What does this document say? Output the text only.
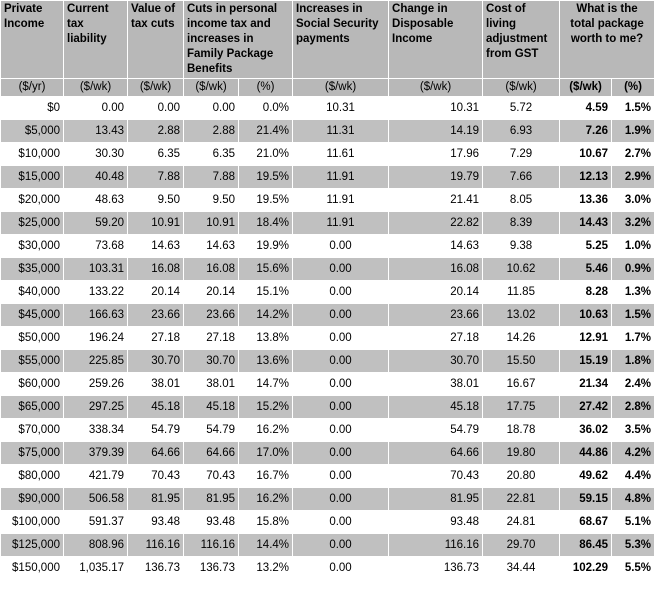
Private Income	Current tax liability	Value of tax cuts	Cuts in personal income tax and increases in Family Package Benefits		Increases in Social Security payments	Change in Disposable Income	Cost of living adjustment from GST	What is the total package worth to me?	
($/yr)	($/wk)	($/wk)	($/wk)	(%)	($/wk)	($/wk)	($/wk)	($/wk)	(%)
$0	0.00	0.00	0.00	0.0%	10.31	10.31	5.72	4.59	1.5%
$5,000	13.43	2.88	2.88	21.4%	11.31	14.19	6.93	7.26	1.9%
$10,000	30.30	6.35	6.35	21.0%	11.61	17.96	7.29	10.67	2.7%
$15,000	40.48	7.88	7.88	19.5%	11.91	19.79	7.66	12.13	2.9%
$20,000	48.63	9.50	9.50	19.5%	11.91	21.41	8.05	13.36	3.0%
$25,000	59.20	10.91	10.91	18.4%	11.91	22.82	8.39	14.43	3.2%
$30,000	73.68	14.63	14.63	19.9%	0.00	14.63	9.38	5.25	1.0%
$35,000	103.31	16.08	16.08	15.6%	0.00	16.08	10.62	5.46	0.9%
$40,000	133.22	20.14	20.14	15.1%	0.00	20.14	11.85	8.28	1.3%
$45,000	166.63	23.66	23.66	14.2%	0.00	23.66	13.02	10.63	1.5%
$50,000	196.24	27.18	27.18	13.8%	0.00	27.18	14.26	12.91	1.7%
$55,000	225.85	30.70	30.70	13.6%	0.00	30.70	15.50	15.19	1.8%
$60,000	259.26	38.01	38.01	14.7%	0.00	38.01	16.67	21.34	2.4%
$65,000	297.25	45.18	45.18	15.2%	0.00	45.18	17.75	27.42	2.8%
$70,000	338.34	54.79	54.79	16.2%	0.00	54.79	18.78	36.02	3.5%
$75,000	379.39	64.66	64.66	17.0%	0.00	64.66	19.80	44.86	4.2%
$80,000	421.79	70.43	70.43	16.7%	0.00	70.43	20.80	49.62	4.4%
$90,000	506.58	81.95	81.95	16.2%	0.00	81.95	22.81	59.15	4.8%
$100,000	591.37	93.48	93.48	15.8%	0.00	93.48	24.81	68.67	5.1%
$125,000	808.96	116.16	116.16	14.4%	0.00	116.16	29.70	86.45	5.3%
$150,000	1,035.17	136.73	136.73	13.2%	0.00	136.73	34.44	102.29	5.5%
